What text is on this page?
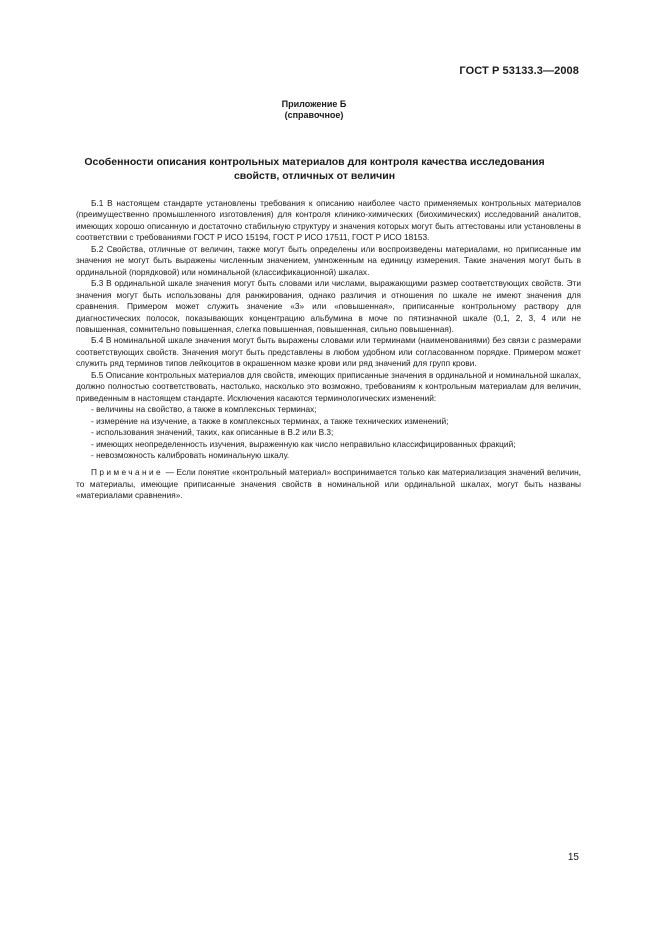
ГОСТ Р 53133.3—2008
Приложение Б
(справочное)
Особенности описания контрольных материалов для контроля качества исследования свойств, отличных от величин

Б.1 В настоящем стандарте установлены требования к описанию наиболее часто применяемых контрольных материалов (преимущественно промышленного изготовления) для контроля клинико-химических (биохимических) исследований аналитов, имеющих хорошо описанную и достаточно стабильную структуру и значения которых могут быть аттестованы или установлены в соответствии с требованиями ГОСТ Р ИСО 15194, ГОСТ Р ИСО 17511, ГОСТ Р ИСО 18153.

Б.2 Свойства, отличные от величин, также могут быть определены или воспроизведены материалами, но приписанные им значения не могут быть выражены численным значением, умноженным на единицу измерения. Такие значения могут быть в ординальной (порядковой) или номинальной (классификационной) шкалах.

Б.3 В ординальной шкале значения могут быть словами или числами, выражающими размер соответствующих свойств. Эти значения могут быть использованы для ранжирования, однако различия и отношения по шкале не имеют значения для сравнения. Примером может служить значение «3» или «повышенная», приписанные контрольному раствору для диагностических полосок, показывающих концентрацию альбумина в моче по пятизначной шкале (0,1, 2, 3, 4 или не повышенная, сомнительно повышенная, слегка повышенная, повышенная, сильно повышенная).

Б.4 В номинальной шкале значения могут быть выражены словами или терминами (наименованиями) без связи с размерами соответствующих свойств. Значения могут быть представлены в любом удобном или согласованном порядке. Примером может служить ряд терминов типов лейкоцитов в окрашенном мазке крови или ряд значений для групп крови.

Б.5 Описание контрольных материалов для свойств, имеющих приписанные значения в ординальной и номинальной шкалах, должно полностью соответствовать, настолько, насколько это возможно, требованиям к контрольным материалам для величин, приведенным в настоящем стандарте. Исключения касаются терминологических изменений:

- величины на свойство, а также в комплексных терминах;

- измерение на изучение, а также в комплексных терминах, а также технических изменений;

- использования значений, таких, как описанные в В.2 или В.3;

- имеющих неопределенность изучения, выраженную как число неправильно классифицированных фракций;

- невозможность калибровать номинальную шкалу.

Примечание — Если понятие «контрольный материал» воспринимается только как материализация значений величин, то материалы, имеющие приписанные значения свойств в номинальной или ординальной шкалах, могут быть названы «материалами сравнения».

15
